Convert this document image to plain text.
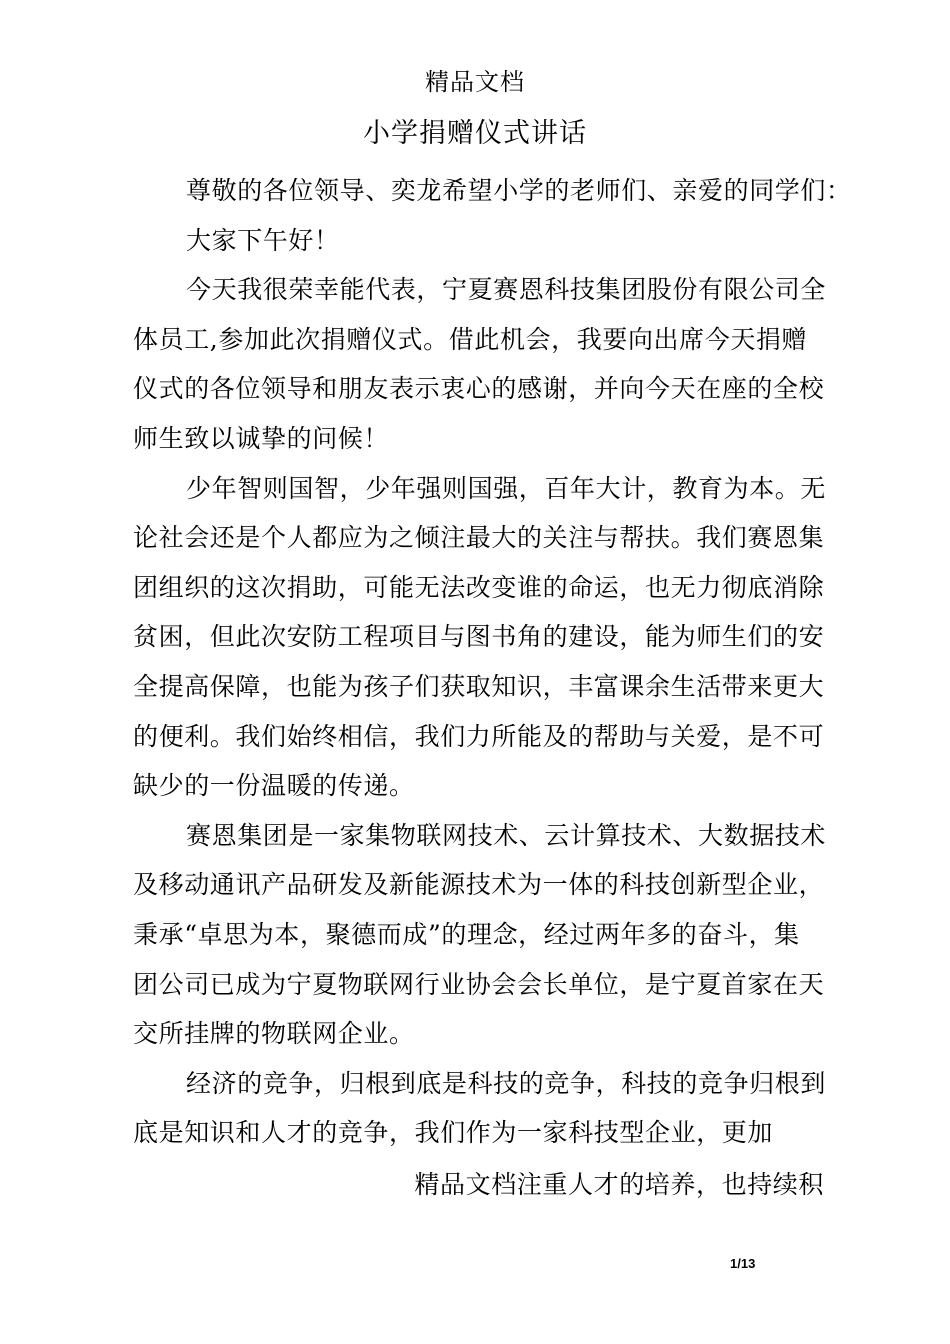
精品文档
小学捐赠仪式讲话
尊敬的各位领导、奕龙希望小学的老师们、亲爱的同学们：
大家下午好！
今天我很荣幸能代表，宁夏赛恩科技集团股份有限公司全
体员工,参加此次捐赠仪式。借此机会，我要向出席今天捐赠
仪式的各位领导和朋友表示衷心的感谢，并向今天在座的全校
师生致以诚挚的问候！
少年智则国智，少年强则国强，百年大计，教育为本。无
论社会还是个人都应为之倾注最大的关注与帮扶。我们赛恩集
团组织的这次捐助，可能无法改变谁的命运，也无力彻底消除
贫困，但此次安防工程项目与图书角的建设，能为师生们的安
全提高保障，也能为孩子们获取知识，丰富课余生活带来更大
的便利。我们始终相信，我们力所能及的帮助与关爱，是不可
缺少的一份温暖的传递。
赛恩集团是一家集物联网技术、云计算技术、大数据技术
及移动通讯产品研发及新能源技术为一体的科技创新型企业，
秉承“卓思为本，聚德而成”的理念，经过两年多的奋斗，集
团公司已成为宁夏物联网行业协会会长单位，是宁夏首家在天
交所挂牌的物联网企业。
经济的竞争，归根到底是科技的竞争，科技的竞争归根到
底是知识和人才的竞争，我们作为一家科技型企业，更加
精品文档注重人才的培养，也持续积
1/13
